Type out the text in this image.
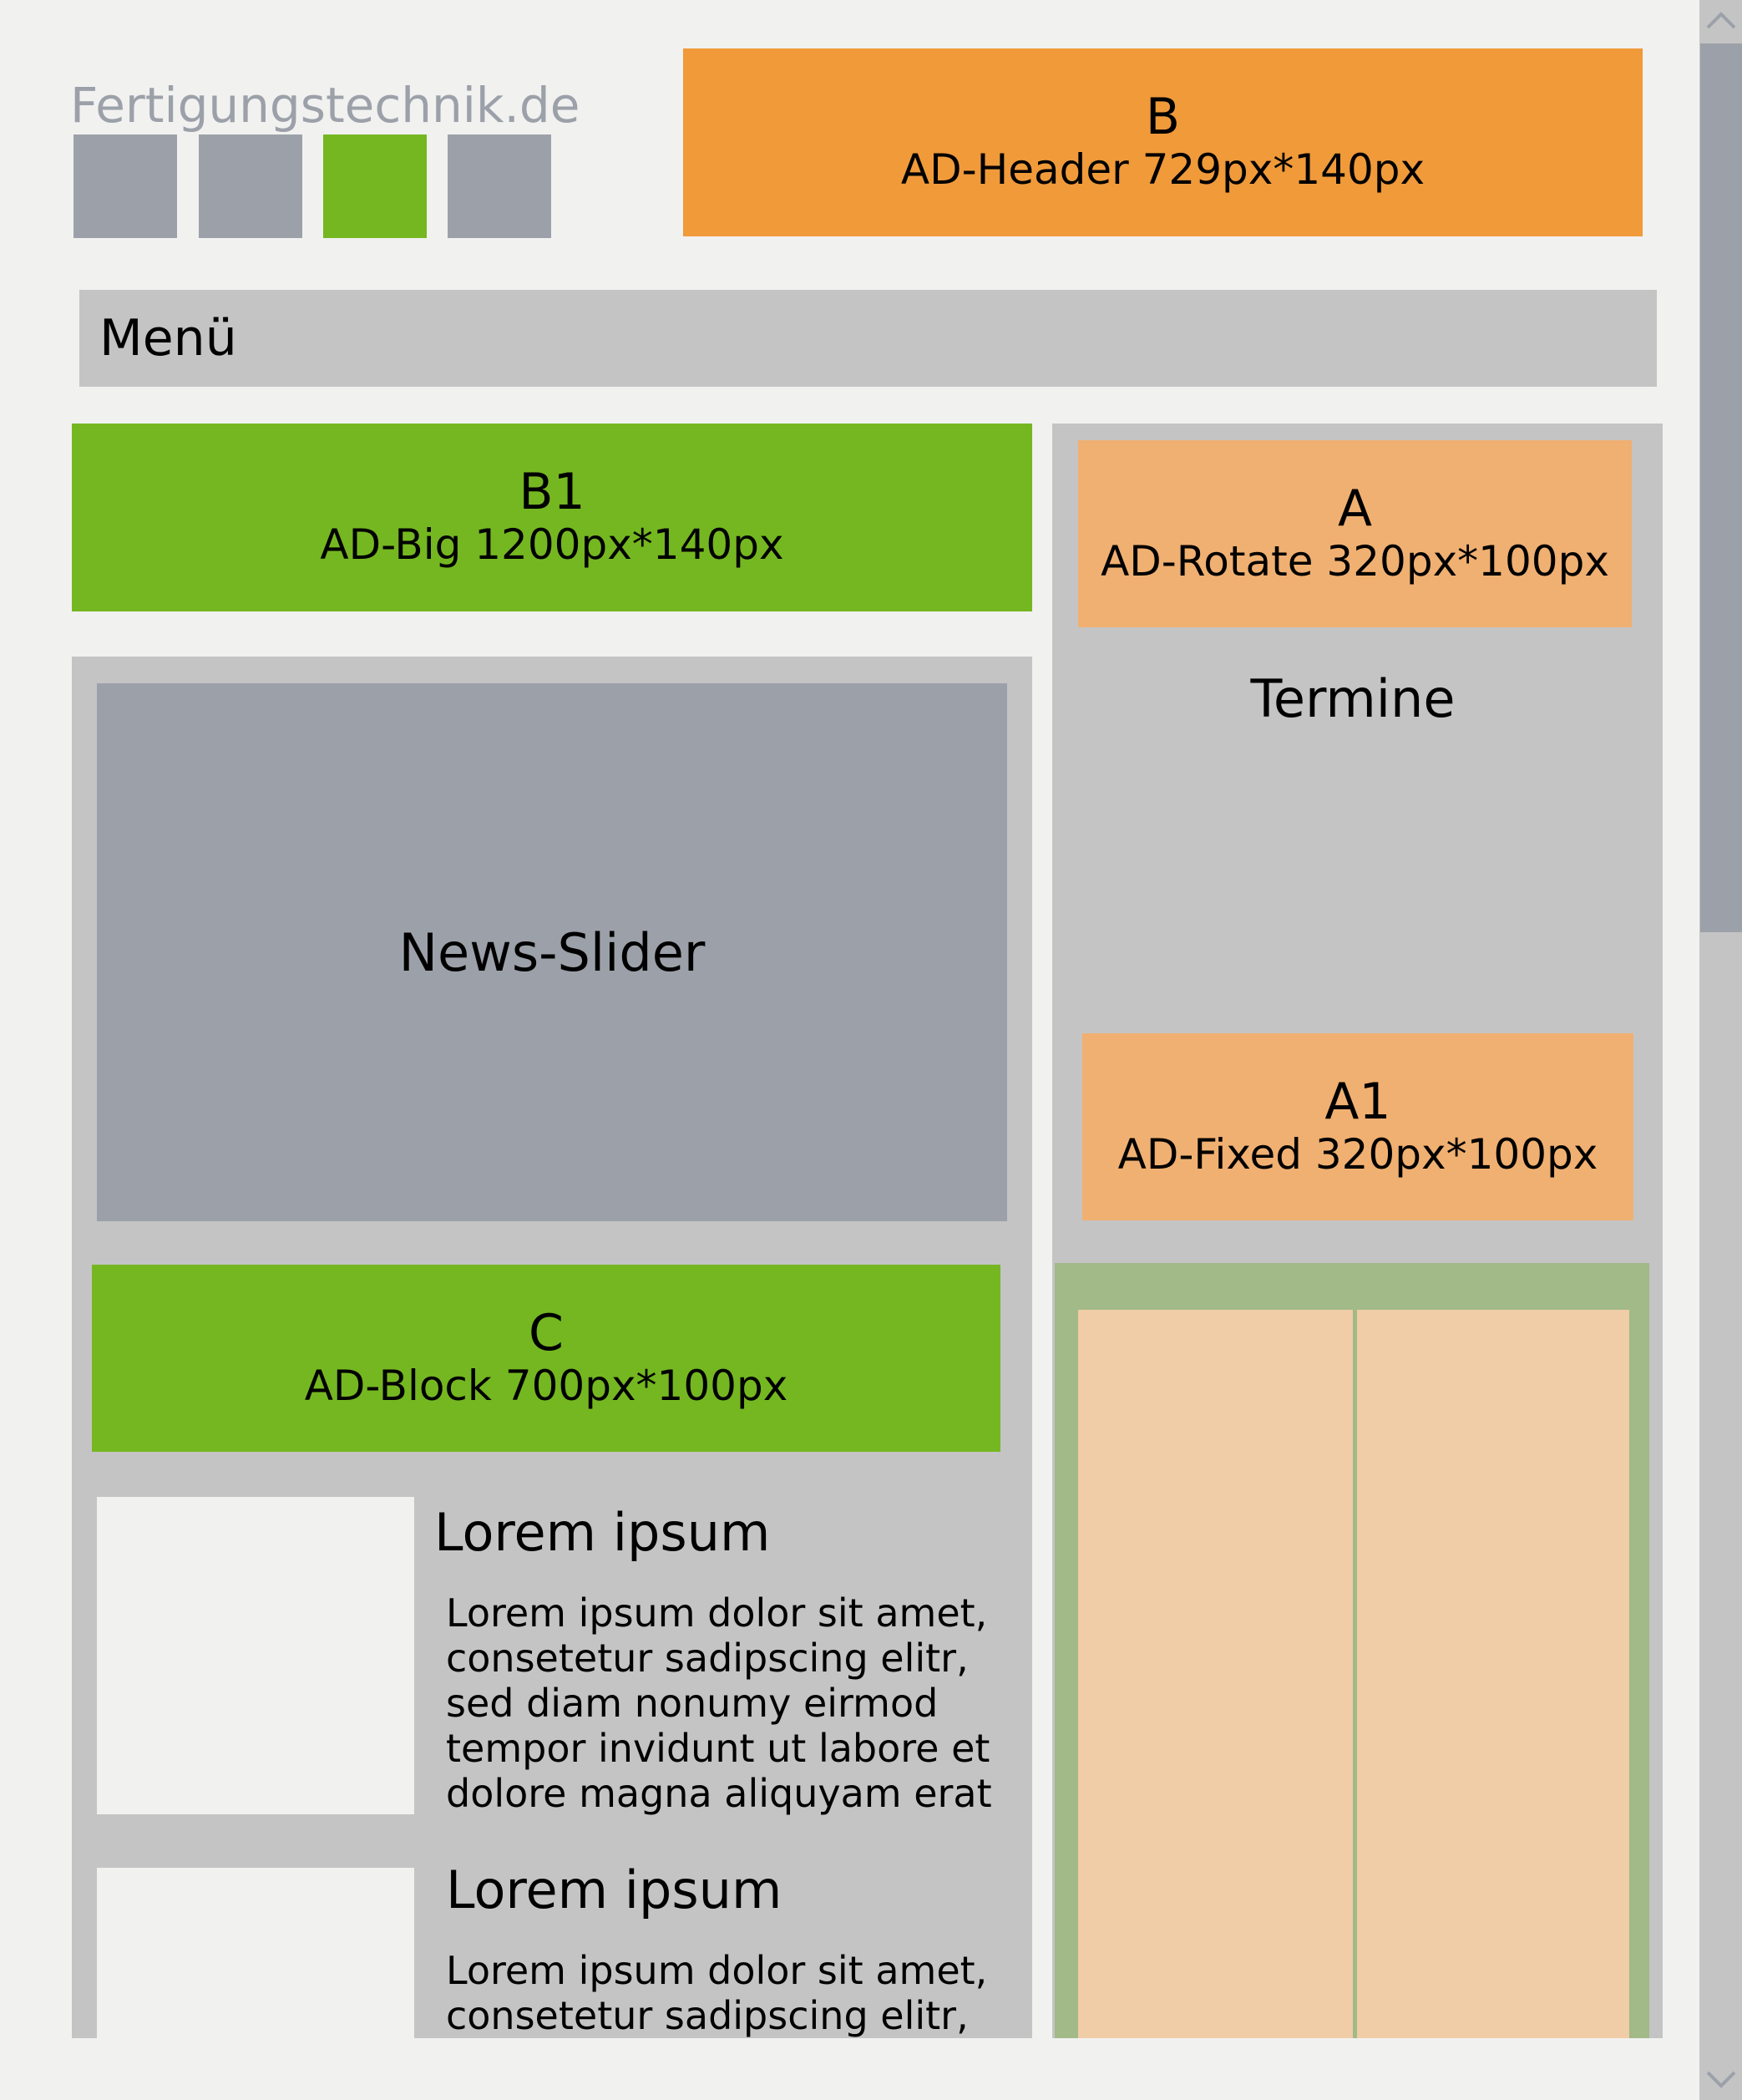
Fertigungstechnik.de	B
AD-Header 729px*140px
Menü
B1
AD-Big 1200px*140px
A
AD-Rotate 320px*100px
Termine
A1
AD-Fixed 320px*100px
News-Slider
C
AD-Block 700px*100px
Lorem ipsum
Lorem ipsum dolor sit amet,
consetetur sadipscing elitr,
sed diam nonumy eirmod
tempor invidunt ut labore et
dolore magna aliquyam erat
Lorem ipsum
Lorem ipsum dolor sit amet,
consetetur sadipscing elitr,
